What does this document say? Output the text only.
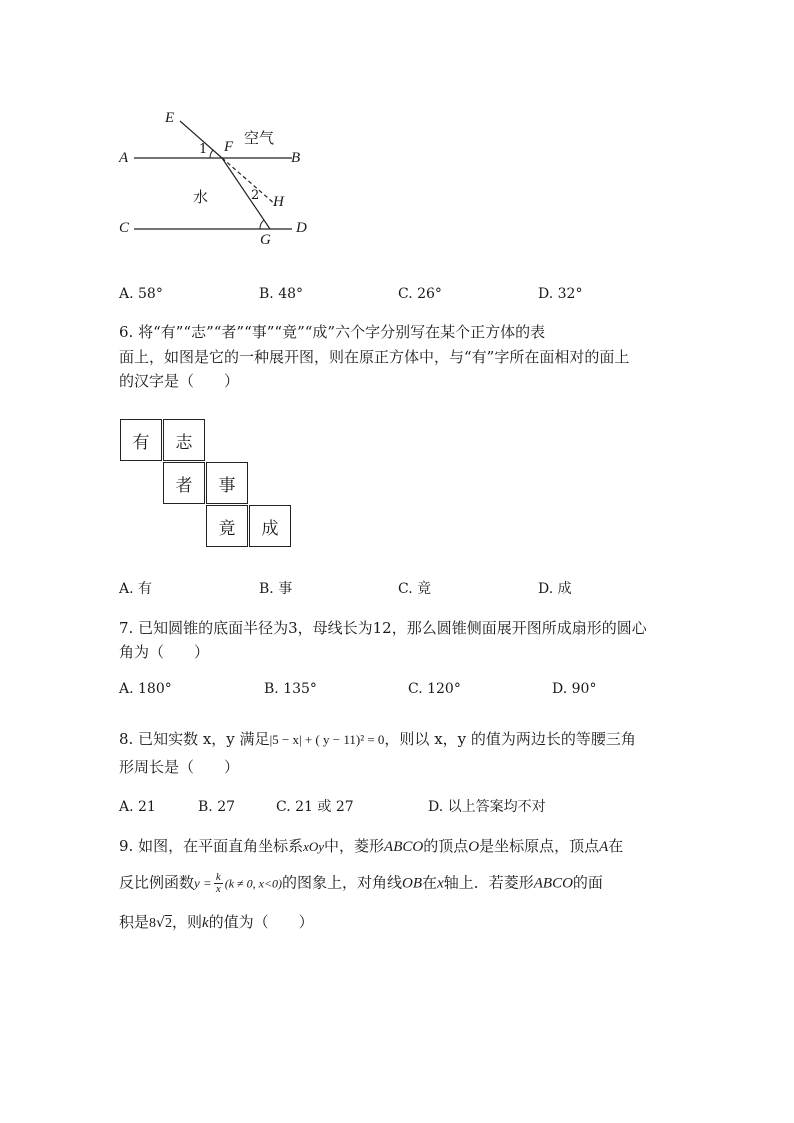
E
A	B
C	D
F
G
H
1
2
空气
水
A. 58°	B. 48°	C. 26°	D. 32°
6. 将“有”“志”“者”“事”“竟”“成”六个字分别写在某个正方体的表
面上，如图是它的一种展开图，则在原正方体中，与“有”字所在面相对的面上
的汉字是（　　）
有	志
者	事
竟	成
A. 有	B. 事	C. 竟	D. 成
7. 已知圆锥的底面半径为3，母线长为12，那么圆锥侧面展开图所成扇形的圆心
角为（　　）
A. 180°	B. 135°	C. 120°	D. 90°
8. 已知实数 x，y 满足|5 − x| + ( y − 11)² = 0，则以 x，y 的值为两边长的等腰三角
形周长是（　　）
A. 21	B. 27	C. 21 或 27	D. 以上答案均不对
9. 如图，在平面直角坐标系xOy中，菱形ABCO的顶点O是坐标原点，顶点A在
反比例函数$y = \frac{k}{x} (k \ne 0$, x<0)的图象上，对角线OB在x轴上．若菱形ABCO的面
积是8√2，则k的值为（　　）
